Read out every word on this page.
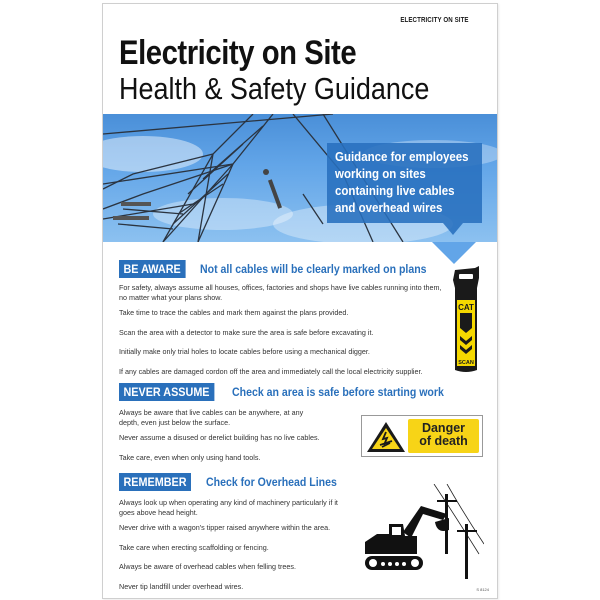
ELECTRICITY ON SITE
Electricity on Site
Health & Safety Guidance
Guidance for employees
working on sites
containing live cables
and overhead wires
BE AWARE	Not all cables will be clearly marked on plans

For safety, always assume all houses, offices, factories and shops have live cables running into them, no matter what your plans show.

Take time to trace the cables and mark them against the plans provided.

Scan the area with a detector to make sure the area is safe before excavating it.

Initially make only trial holes to locate cables before using a mechanical digger.

If any cables are damaged cordon off the area and immediately call the local electricity supplier.

CAT
SCAN
NEVER ASSUME	Check an area is safe before starting work

Always be aware that live cables can be anywhere, at any depth, even just below the surface.

Never assume a disused or derelict building has no live cables.

Take care, even when only using hand tools.

Danger
of death
REMEMBER	Check for Overhead Lines

Always look up when operating any kind of machinery particularly if it goes above head height.

Never drive with a wagon's tipper raised anywhere within the area.

Take care when erecting scaffolding or fencing.

Always be aware of overhead cables when felling trees.

Never tip landfill under overhead wires.	S 8124
